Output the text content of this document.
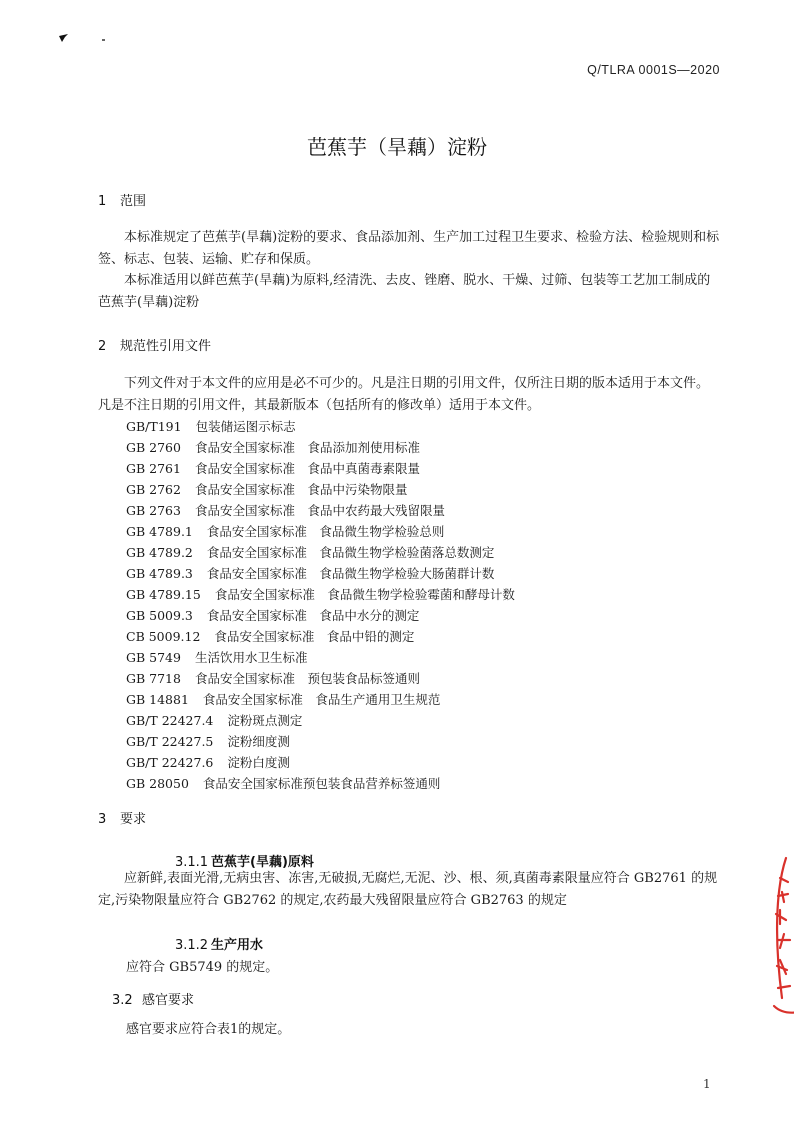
Q/TLRA 0001S—2020
芭蕉芋（旱藕）淀粉
1 范围
本标准规定了芭蕉芋(旱藕)淀粉的要求、食品添加剂、生产加工过程卫生要求、检验方法、检验规则和标签、标志、包装、运输、贮存和保质。
本标准适用以鲜芭蕉芋(旱藕)为原料,经清洗、去皮、锉磨、脱水、干燥、过筛、包装等工艺加工制成的芭蕉芋(旱藕)淀粉
2 规范性引用文件
下列文件对于本文件的应用是必不可少的。凡是注日期的引用文件，仅所注日期的版本适用于本文件。凡是不注日期的引用文件，其最新版本（包括所有的修改单）适用于本文件。
GB/T191 包装储运图示标志
GB 2760 食品安全国家标准　食品添加剂使用标准
GB 2761 食品安全国家标准　食品中真菌毒素限量
GB 2762 食品安全国家标准　食品中污染物限量
GB 2763 食品安全国家标准　食品中农药最大残留限量
GB 4789.1 食品安全国家标准　食品微生物学检验总则
GB 4789.2 食品安全国家标准　食品微生物学检验菌落总数测定
GB 4789.3 食品安全国家标准　食品微生物学检验大肠菌群计数
GB 4789.15 食品安全国家标准　食品微生物学检验霉菌和酵母计数
GB 5009.3 食品安全国家标准　食品中水分的测定
CB 5009.12 食品安全国家标准　食品中铅的测定
GB 5749 生活饮用水卫生标准
GB 7718 食品安全国家标准　预包装食品标签通则
GB 14881 食品安全国家标准　食品生产通用卫生规范
GB/T 22427.4 淀粉斑点测定
GB/T 22427.5 淀粉细度测
GB/T 22427.6 淀粉白度测
GB 28050 食品安全国家标准预包装食品营养标签通则
3 要求
3.1.1 芭蕉芋(旱藕)原料
应新鲜,表面光滑,无病虫害、冻害,无破损,无腐烂,无泥、沙、根、须,真菌毒素限量应符合 GB2761 的规定,污染物限量应符合 GB2762 的规定,农药最大残留限量应符合 GB2763 的规定
3.1.2 生产用水
应符合 GB5749 的规定。
3.2 感官要求
感官要求应符合表1的规定。
1
